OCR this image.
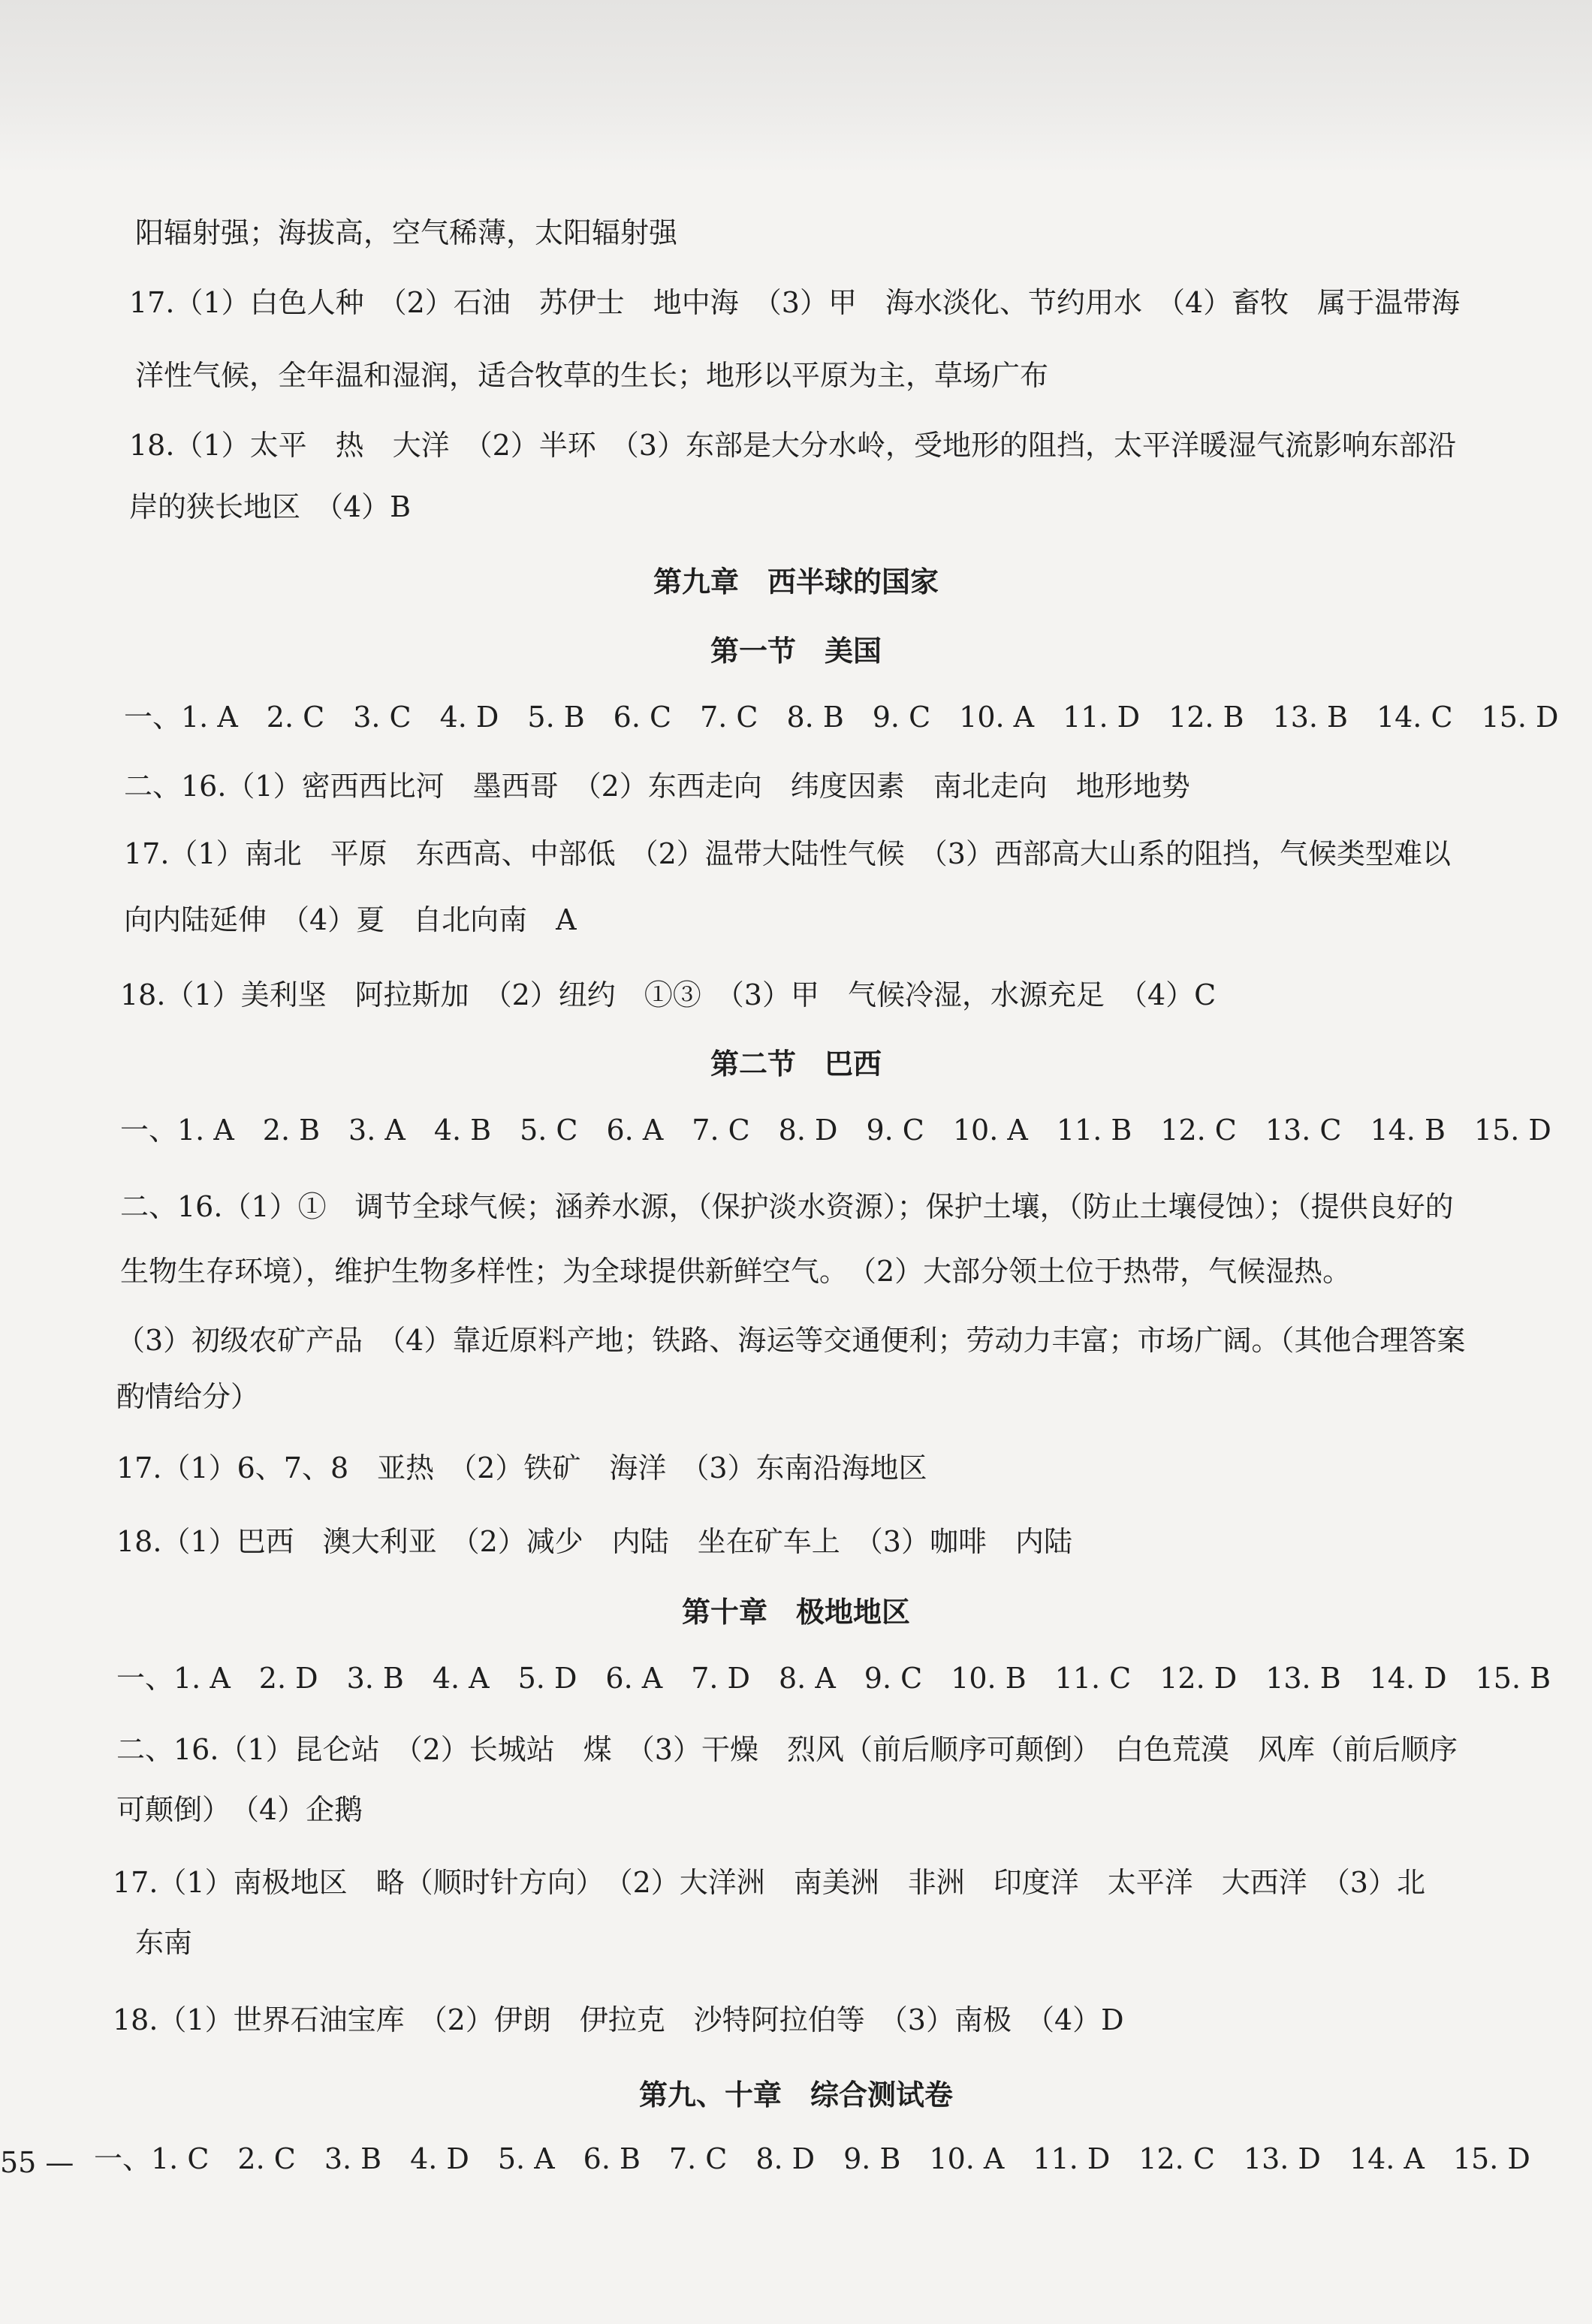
阳辐射强；海拔高，空气稀薄，太阳辐射强
17.（1）白色人种　（2）石油　苏伊士　地中海　（3）甲　海水淡化、节约用水　（4）畜牧　属于温带海
洋性气候，全年温和湿润，适合牧草的生长；地形以平原为主，草场广布
18.（1）太平　热　大洋　（2）半环　（3）东部是大分水岭，受地形的阻挡，太平洋暖湿气流影响东部沿
岸的狭长地区　（4）B
第九章　西半球的国家
第一节　美国
一、1. A　2. C　3. C　4. D　5. B　6. C　7. C　8. B　9. C　10. A　11. D　12. B　13. B　14. C　15. D
二、16.（1）密西西比河　墨西哥　（2）东西走向　纬度因素　南北走向　地形地势
17.（1）南北　平原　东西高、中部低　（2）温带大陆性气候　（3）西部高大山系的阻挡，气候类型难以
向内陆延伸　（4）夏　自北向南　A
18.（1）美利坚　阿拉斯加　（2）纽约　①③　（3）甲　气候冷湿，水源充足　（4）C
第二节　巴西
一、1. A　2. B　3. A　4. B　5. C　6. A　7. C　8. D　9. C　10. A　11. B　12. C　13. C　14. B　15. D
二、16.（1）①　调节全球气候；涵养水源，（保护淡水资源）；保护土壤，（防止土壤侵蚀）；（提供良好的
生物生存环境），维护生物多样性；为全球提供新鲜空气。　（2）大部分领土位于热带，气候湿热。
（3）初级农矿产品　（4）靠近原料产地；铁路、海运等交通便利；劳动力丰富；市场广阔。（其他合理答案
酌情给分）
17.（1）6、7、8　亚热　（2）铁矿　海洋　（3）东南沿海地区
18.（1）巴西　澳大利亚　（2）减少　内陆　坐在矿车上　（3）咖啡　内陆
第十章　极地地区
一、1. A　2. D　3. B　4. A　5. D　6. A　7. D　8. A　9. C　10. B　11. C　12. D　13. B　14. D　15. B
二、16.（1）昆仑站　（2）长城站　煤　（3）干燥　烈风（前后顺序可颠倒）　白色荒漠　风库（前后顺序
可颠倒）　（4）企鹅
17.（1）南极地区　略（顺时针方向）　（2）大洋洲　南美洲　非洲　印度洋　太平洋　大西洋　（3）北
东南
18.（1）世界石油宝库　（2）伊朗　伊拉克　沙特阿拉伯等　（3）南极　（4）D
第九、十章　综合测试卷
一、1. C　2. C　3. B　4. D　5. A　6. B　7. C　8. D　9. B　10. A　11. D　12. C　13. D　14. A　15. D
55 —
